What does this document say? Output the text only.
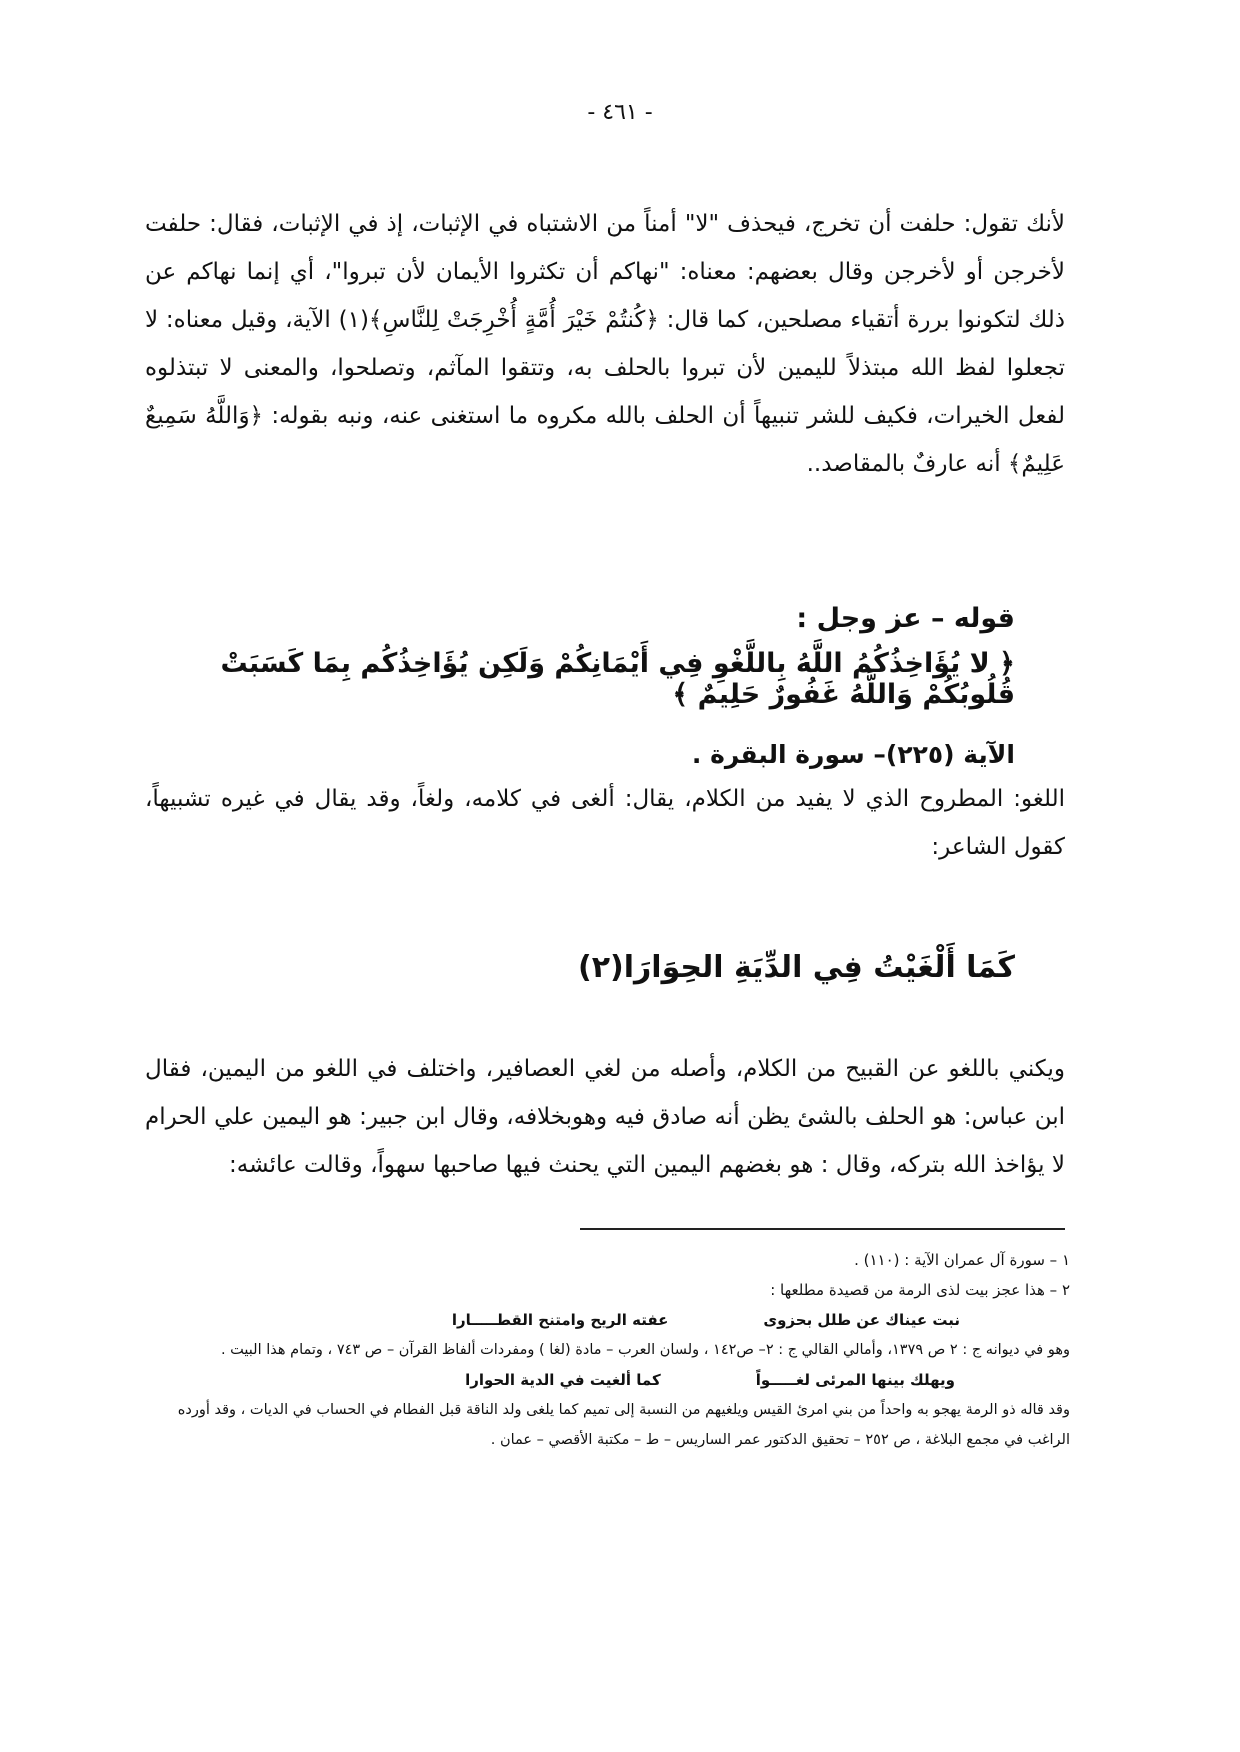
- ٤٦١ -
لأنك تقول: حلفت أن تخرج، فيحذف "لا" أمناً من الاشتباه في الإثبات، إذ في الإثبات، فقال: حلفت لأخرجن أو لأخرجن وقال بعضهم: معناه: "نهاكم أن تكثروا الأيمان لأن تبروا"، أي إنما نهاكم عن ذلك لتكونوا بررة أتقياء مصلحين، كما قال: ﴿كُنتُمْ خَيْرَ أُمَّةٍ أُخْرِجَتْ لِلنَّاسِ﴾(١) الآية، وقيل معناه: لا تجعلوا لفظ الله مبتذلاً لليمين لأن تبروا بالحلف به، وتتقوا المآثم، وتصلحوا، والمعنى لا تبتذلوه لفعل الخيرات، فكيف للشر تنبيهاً أن الحلف بالله مكروه ما استغنى عنه، ونبه بقوله: ﴿وَاللَّهُ سَمِيعٌ عَلِيمٌ﴾ أنه عارفٌ بالمقاصد..
قوله – عز وجل :
﴿ لا يُؤَاخِذُكُمُ اللَّهُ بِاللَّغْوِ فِي أَيْمَانِكُمْ وَلَكِن يُؤَاخِذُكُم بِمَا كَسَبَتْ قُلُوبُكُمْ وَاللَّهُ غَفُورٌ حَلِيمٌ ﴾
الآية (٢٢٥)– سورة البقرة .
اللغو: المطروح الذي لا يفيد من الكلام، يقال: ألغى في كلامه، ولغاً، وقد يقال في غيره تشبيهاً، كقول الشاعر:
كَمَا أَلْغَيْتُ فِي الدِّيَةِ الحِوَارَا(٢)
ويكني باللغو عن القبيح من الكلام، وأصله من لغي العصافير، واختلف في اللغو من اليمين، فقال ابن عباس: هو الحلف بالشئ يظن أنه صادق فيه وهوبخلافه، وقال ابن جبير: هو اليمين علي الحرام لا يؤاخذ الله بتركه، وقال : هو بغضهم اليمين التي يحنث فيها صاحبها سهواً، وقالت عائشه:
١ – سورة آل عمران الآية : (١١٠) .
٢ – هذا عجز بيت لذى الرمة من قصيدة مطلعها :
نبت عيناك عن طلل بحزوى
عفته الريح وامتنح القطـــــارا
وهو في ديوانه ج : ٢ ص ١٣٧٩، وأمالي القالي ج : ٢– ص١٤٢ ، ولسان العرب – مادة (لغا ) ومفردات ألفاظ القرآن – ص ٧٤٣ ، وتمام هذا البيت .
ويهلك بينها المرئى لغـــــواً
كما ألغيت في الدية الحوارا
وقد قاله ذو الرمة يهجو به واحداً من بني امرئ القيس ويلغيهم من النسبة إلى تميم كما يلغى ولد الناقة قبل الفطام في الحساب في الديات ، وقد أورده الراغب في مجمع البلاغة ، ص ٢٥٢ – تحقيق الدكتور عمر الساريس – ط – مكتبة الأقصي – عمان .
